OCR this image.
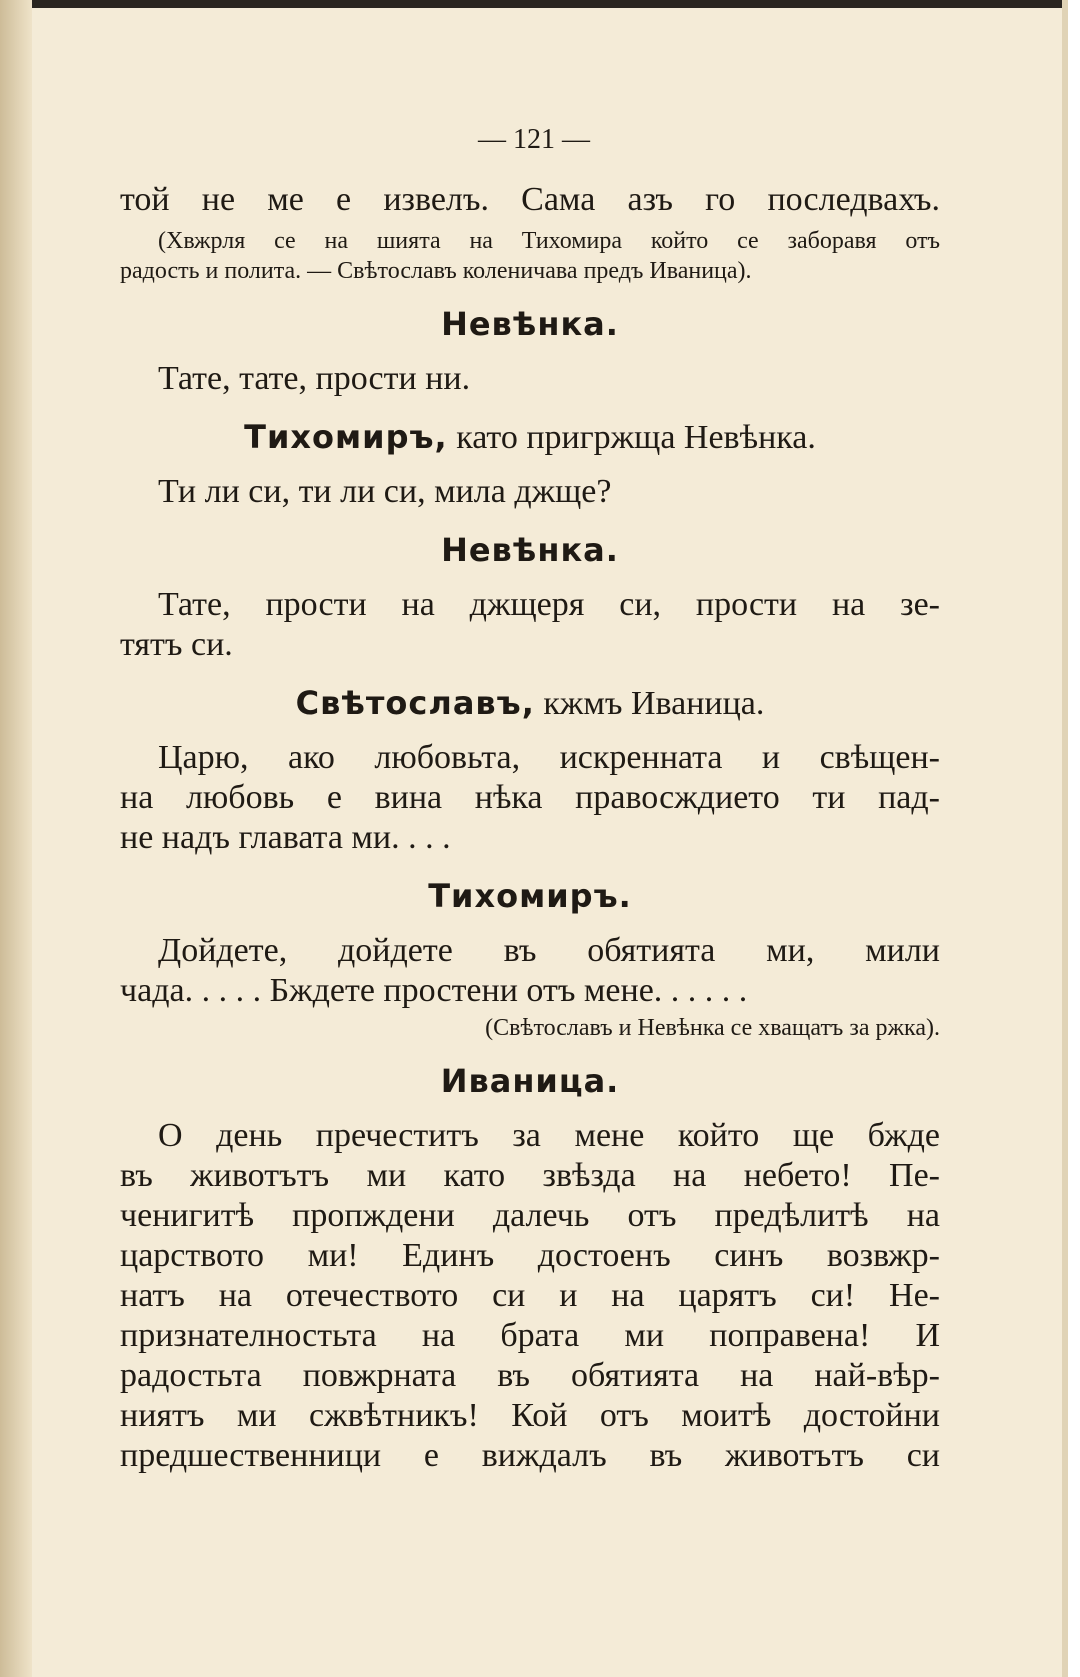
— 121 —

той не ме е извелъ. Сама азъ го последвахъ.

(Хвжрля се на шията на Тихомира който се заборавя отъ

радость и полита. — Свѣтославъ коленичава предъ Иваница).

Невѣнка.

Тате, тате, прости ни.

Тихомиръ, като пригржща Невѣнка.

Ти ли си, ти ли си, мила джще?

Невѣнка.

Тате, прости на джщеря си, прости на зе-

тятъ си.

Свѣтославъ, кжмъ Иваница.

Царю, ако любовьта, искренната и свѣщен-

на любовь е вина нѣка правосждието ти пад-

не надъ главата ми. . . .

Тихомиръ.

Дойдете, дойдете въ обятията ми, мили

чада. . . . . Бждете простени отъ мене. . . . . .

(Свѣтославъ и Невѣнка се хващатъ за ржка).

Иваница.

О день пречеститъ за мене който ще бжде

въ животътъ ми като звѣзда на небето! Пе-

ченигитѣ пропждени далечь отъ предѣлитѣ на

царството ми! Единъ достоенъ синъ возвжр-

натъ на отечеството си и на царятъ си! Не-

признателностьта на брата ми поправена! И

радостьта повжрната въ обятията на най-вѣр-

ниятъ ми сжвѣтникъ! Кой отъ моитѣ достойни

предшественници е виждалъ въ животътъ си
